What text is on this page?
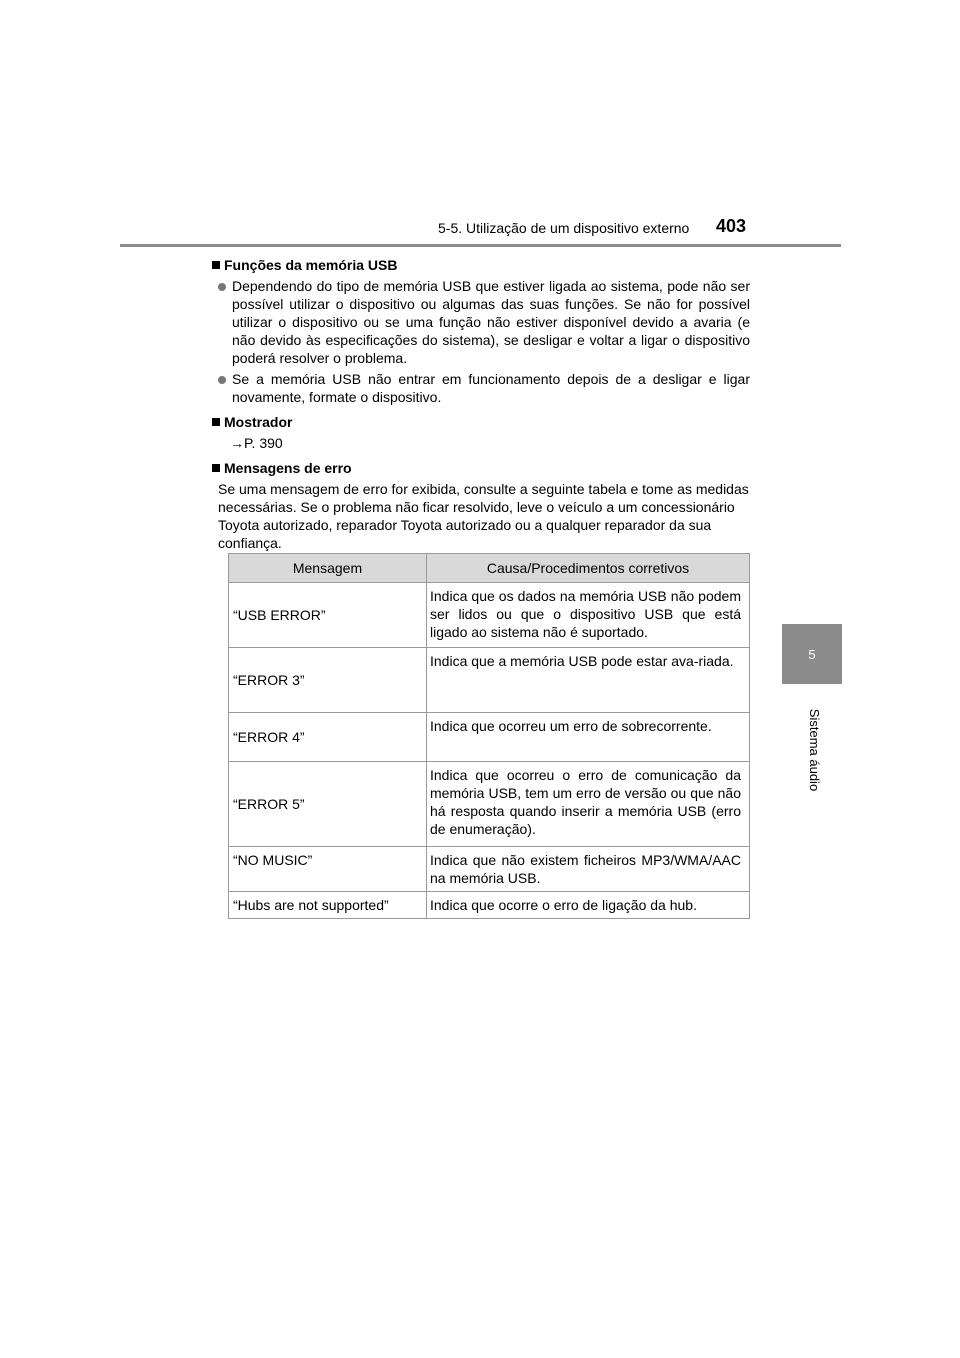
5-5. Utilização de um dispositivo externo	403
5
Sistema áudio
Funções da memória USB

Dependendo do tipo de memória USB que estiver ligada ao sistema, pode não ser possível utilizar o dispositivo ou algumas das suas funções. Se não for possível utilizar o dispositivo ou se uma função não estiver disponível devido a avaria (e não devido às especificações do sistema), se desligar e voltar a ligar o dispositivo poderá resolver o problema.

Se a memória USB não entrar em funcionamento depois de a desligar e ligar novamente, formate o dispositivo.

Mostrador
→P. 390
Mensagens de erro

Se uma mensagem de erro for exibida, consulte a seguinte tabela e tome as medidas necessárias. Se o problema não ficar resolvido, leve o veículo a um concessionário Toyota autorizado, reparador Toyota autorizado ou a qualquer reparador da sua confiança.

Mensagem	Causa/Procedimentos corretivos
“USB ERROR”	Indica que os dados na memória USB não podem ser lidos ou que o dispositivo USB que está ligado ao sistema não é suportado.
“ERROR 3”	Indica que a memória USB pode estar ava-riada.
“ERROR 4”	Indica que ocorreu um erro de sobrecorrente.
“ERROR 5”	Indica que ocorreu o erro de comunicação da memória USB, tem um erro de versão ou que não há resposta quando inserir a memória USB (erro de enumeração).
“NO MUSIC”	Indica que não existem ficheiros MP3/WMA/AAC na memória USB.
“Hubs are not supported”	Indica que ocorre o erro de ligação da hub.
